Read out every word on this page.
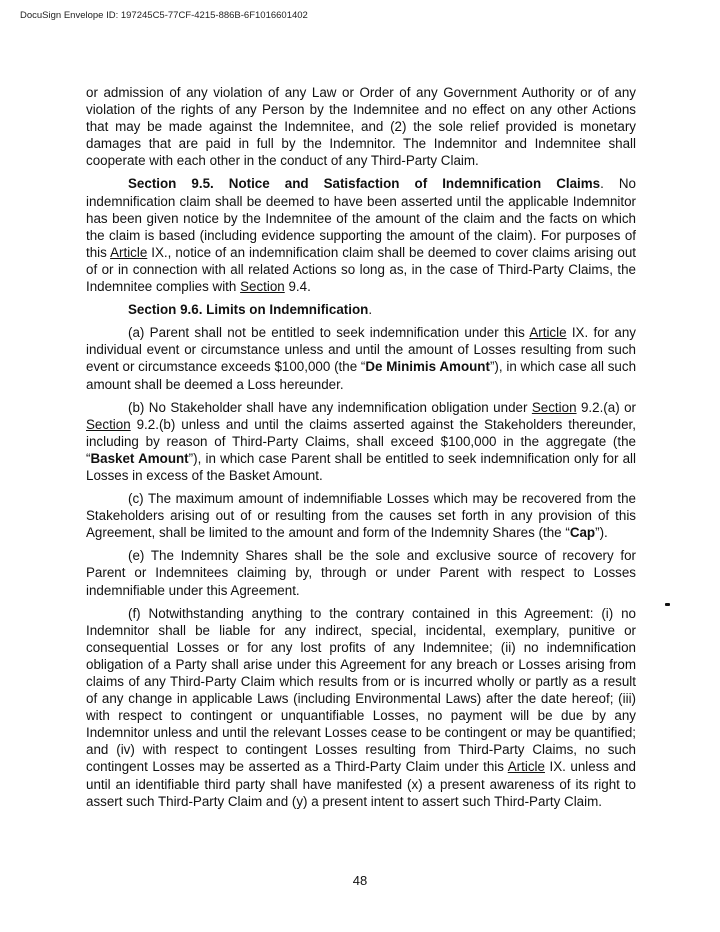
DocuSign Envelope ID: 197245C5-77CF-4215-886B-6F1016601402

or admission of any violation of any Law or Order of any Government Authority or of any violation of the rights of any Person by the Indemnitee and no effect on any other Actions that may be made against the Indemnitee, and (2) the sole relief provided is monetary damages that are paid in full by the Indemnitor. The Indemnitor and Indemnitee shall cooperate with each other in the conduct of any Third-Party Claim.

Section 9.5. Notice and Satisfaction of Indemnification Claims. No indemnification claim shall be deemed to have been asserted until the applicable Indemnitor has been given notice by the Indemnitee of the amount of the claim and the facts on which the claim is based (including evidence supporting the amount of the claim). For purposes of this Article IX., notice of an indemnification claim shall be deemed to cover claims arising out of or in connection with all related Actions so long as, in the case of Third-Party Claims, the Indemnitee complies with Section 9.4.

Section 9.6. Limits on Indemnification.

(a) Parent shall not be entitled to seek indemnification under this Article IX. for any individual event or circumstance unless and until the amount of Losses resulting from such event or circumstance exceeds $100,000 (the “De Minimis Amount”), in which case all such amount shall be deemed a Loss hereunder.

(b) No Stakeholder shall have any indemnification obligation under Section 9.2.(a) or Section 9.2.(b) unless and until the claims asserted against the Stakeholders thereunder, including by reason of Third-Party Claims, shall exceed $100,000 in the aggregate (the “Basket Amount”), in which case Parent shall be entitled to seek indemnification only for all Losses in excess of the Basket Amount.

(c) The maximum amount of indemnifiable Losses which may be recovered from the Stakeholders arising out of or resulting from the causes set forth in any provision of this Agreement, shall be limited to the amount and form of the Indemnity Shares (the “Cap”).

(e) The Indemnity Shares shall be the sole and exclusive source of recovery for Parent or Indemnitees claiming by, through or under Parent with respect to Losses indemnifiable under this Agreement.

(f) Notwithstanding anything to the contrary contained in this Agreement: (i) no Indemnitor shall be liable for any indirect, special, incidental, exemplary, punitive or consequential Losses or for any lost profits of any Indemnitee; (ii) no indemnification obligation of a Party shall arise under this Agreement for any breach or Losses arising from claims of any Third-Party Claim which results from or is incurred wholly or partly as a result of any change in applicable Laws (including Environmental Laws) after the date hereof; (iii) with respect to contingent or unquantifiable Losses, no payment will be due by any Indemnitor unless and until the relevant Losses cease to be contingent or may be quantified; and (iv) with respect to contingent Losses resulting from Third-Party Claims, no such contingent Losses may be asserted as a Third-Party Claim under this Article IX. unless and until an identifiable third party shall have manifested (x) a present awareness of its right to assert such Third-Party Claim and (y) a present intent to assert such Third-Party Claim.

48
